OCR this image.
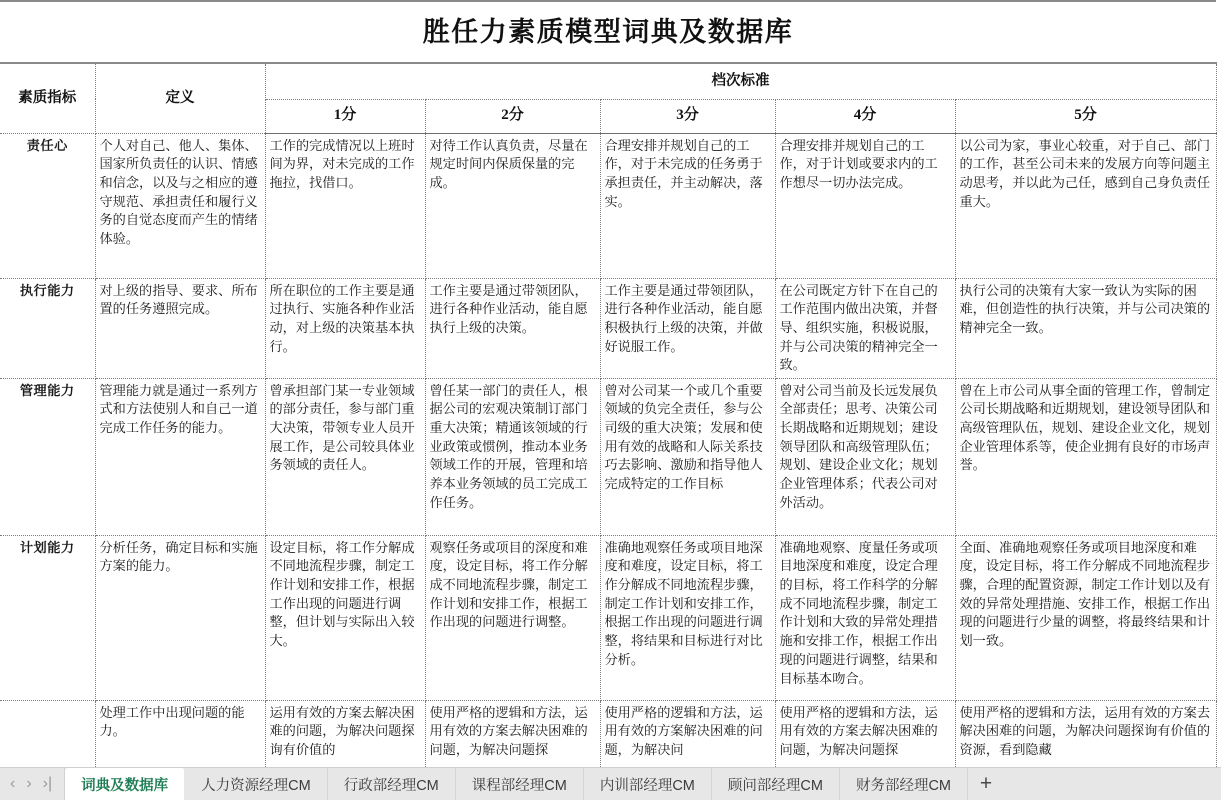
胜任力素质模型词典及数据库						
素质指标	定义	档次标准				
		1分	2分	3分	4分	5分
责任心	个人对自己、他人、集体、国家所负责任的认识、情感和信念，以及与之相应的遵守规范、承担责任和履行义务的自觉态度而产生的情绪体验。	工作的完成情况以上班时间为界，对未完成的工作拖拉，找借口。	对待工作认真负责，尽量在规定时间内保质保量的完成。	合理安排并规划自己的工作，对于未完成的任务勇于承担责任，并主动解决，落实。	合理安排并规划自己的工作，对于计划或要求内的工作想尽一切办法完成。	以公司为家，事业心较重，对于自己、部门的工作，甚至公司未来的发展方向等问题主动思考，并以此为己任，感到自己身负责任重大。
执行能力	对上级的指导、要求、所布置的任务遵照完成。	所在职位的工作主要是通过执行、实施各种作业活动，对上级的决策基本执行。	工作主要是通过带领团队，进行各种作业活动，能自愿执行上级的决策。	工作主要是通过带领团队，进行各种作业活动，能自愿积极执行上级的决策，并做好说服工作。	在公司既定方针下在自己的工作范围内做出决策，并督导、组织实施，积极说服，并与公司决策的精神完全一致。	执行公司的决策有大家一致认为实际的困难，但创造性的执行决策，并与公司决策的精神完全一致。
管理能力	管理能力就是通过一系列方式和方法使别人和自己一道完成工作任务的能力。	曾承担部门某一专业领域的部分责任，参与部门重大决策，带领专业人员开展工作，是公司较具体业务领域的责任人。	曾任某一部门的责任人，根据公司的宏观决策制订部门重大决策；精通该领域的行业政策或惯例，推动本业务领域工作的开展，管理和培养本业务领域的员工完成工作任务。	曾对公司某一个或几个重要领域的负完全责任，参与公司级的重大决策；发展和使用有效的战略和人际关系技巧去影响、激励和指导他人完成特定的工作目标	曾对公司当前及长远发展负全部责任；思考、决策公司长期战略和近期规划；建设领导团队和高级管理队伍；规划、建设企业文化；规划企业管理体系；代表公司对外活动。	曾在上市公司从事全面的管理工作，曾制定公司长期战略和近期规划，建设领导团队和高级管理队伍，规划、建设企业文化，规划企业管理体系等，使企业拥有良好的市场声誉。
计划能力	分析任务，确定目标和实施方案的能力。	设定目标，将工作分解成不同地流程步骤，制定工作计划和安排工作，根据工作出现的问题进行调整，但计划与实际出入较大。	观察任务或项目的深度和难度，设定目标，将工作分解成不同地流程步骤，制定工作计划和安排工作，根据工作出现的问题进行调整。	准确地观察任务或项目地深度和难度，设定目标，将工作分解成不同地流程步骤，制定工作计划和安排工作，根据工作出现的问题进行调整，将结果和目标进行对比分析。	准确地观察、度量任务或项目地深度和难度，设定合理的目标，将工作科学的分解成不同地流程步骤，制定工作计划和大致的异常处理措施和安排工作，根据工作出现的问题进行调整，结果和目标基本吻合。	全面、准确地观察任务或项目地深度和难度，设定目标，将工作分解成不同地流程步骤，合理的配置资源，制定工作计划以及有效的异常处理措施、安排工作，根据工作出现的问题进行少量的调整，将最终结果和计划一致。
	处理工作中出现问题的能力。	运用有效的方案去解决困难的问题，为解决问题探询有价值的	使用严格的逻辑和方法，运用有效的方案去解决困难的问题，为解决问题探	使用严格的逻辑和方法，运用有效的方案解决困难的问题，为解决问	使用严格的逻辑和方法，运用有效的方案去解决困难的问题，为解决问题探	使用严格的逻辑和方法，运用有效的方案去解决困难的问题，为解决问题探询有价值的资源，看到隐藏
‹ › ›|	词典及数据库	人力资源经理CM	行政部经理CM	课程部经理CM	内训部经理CM	顾问部经理CM	财务部经理CM	+
